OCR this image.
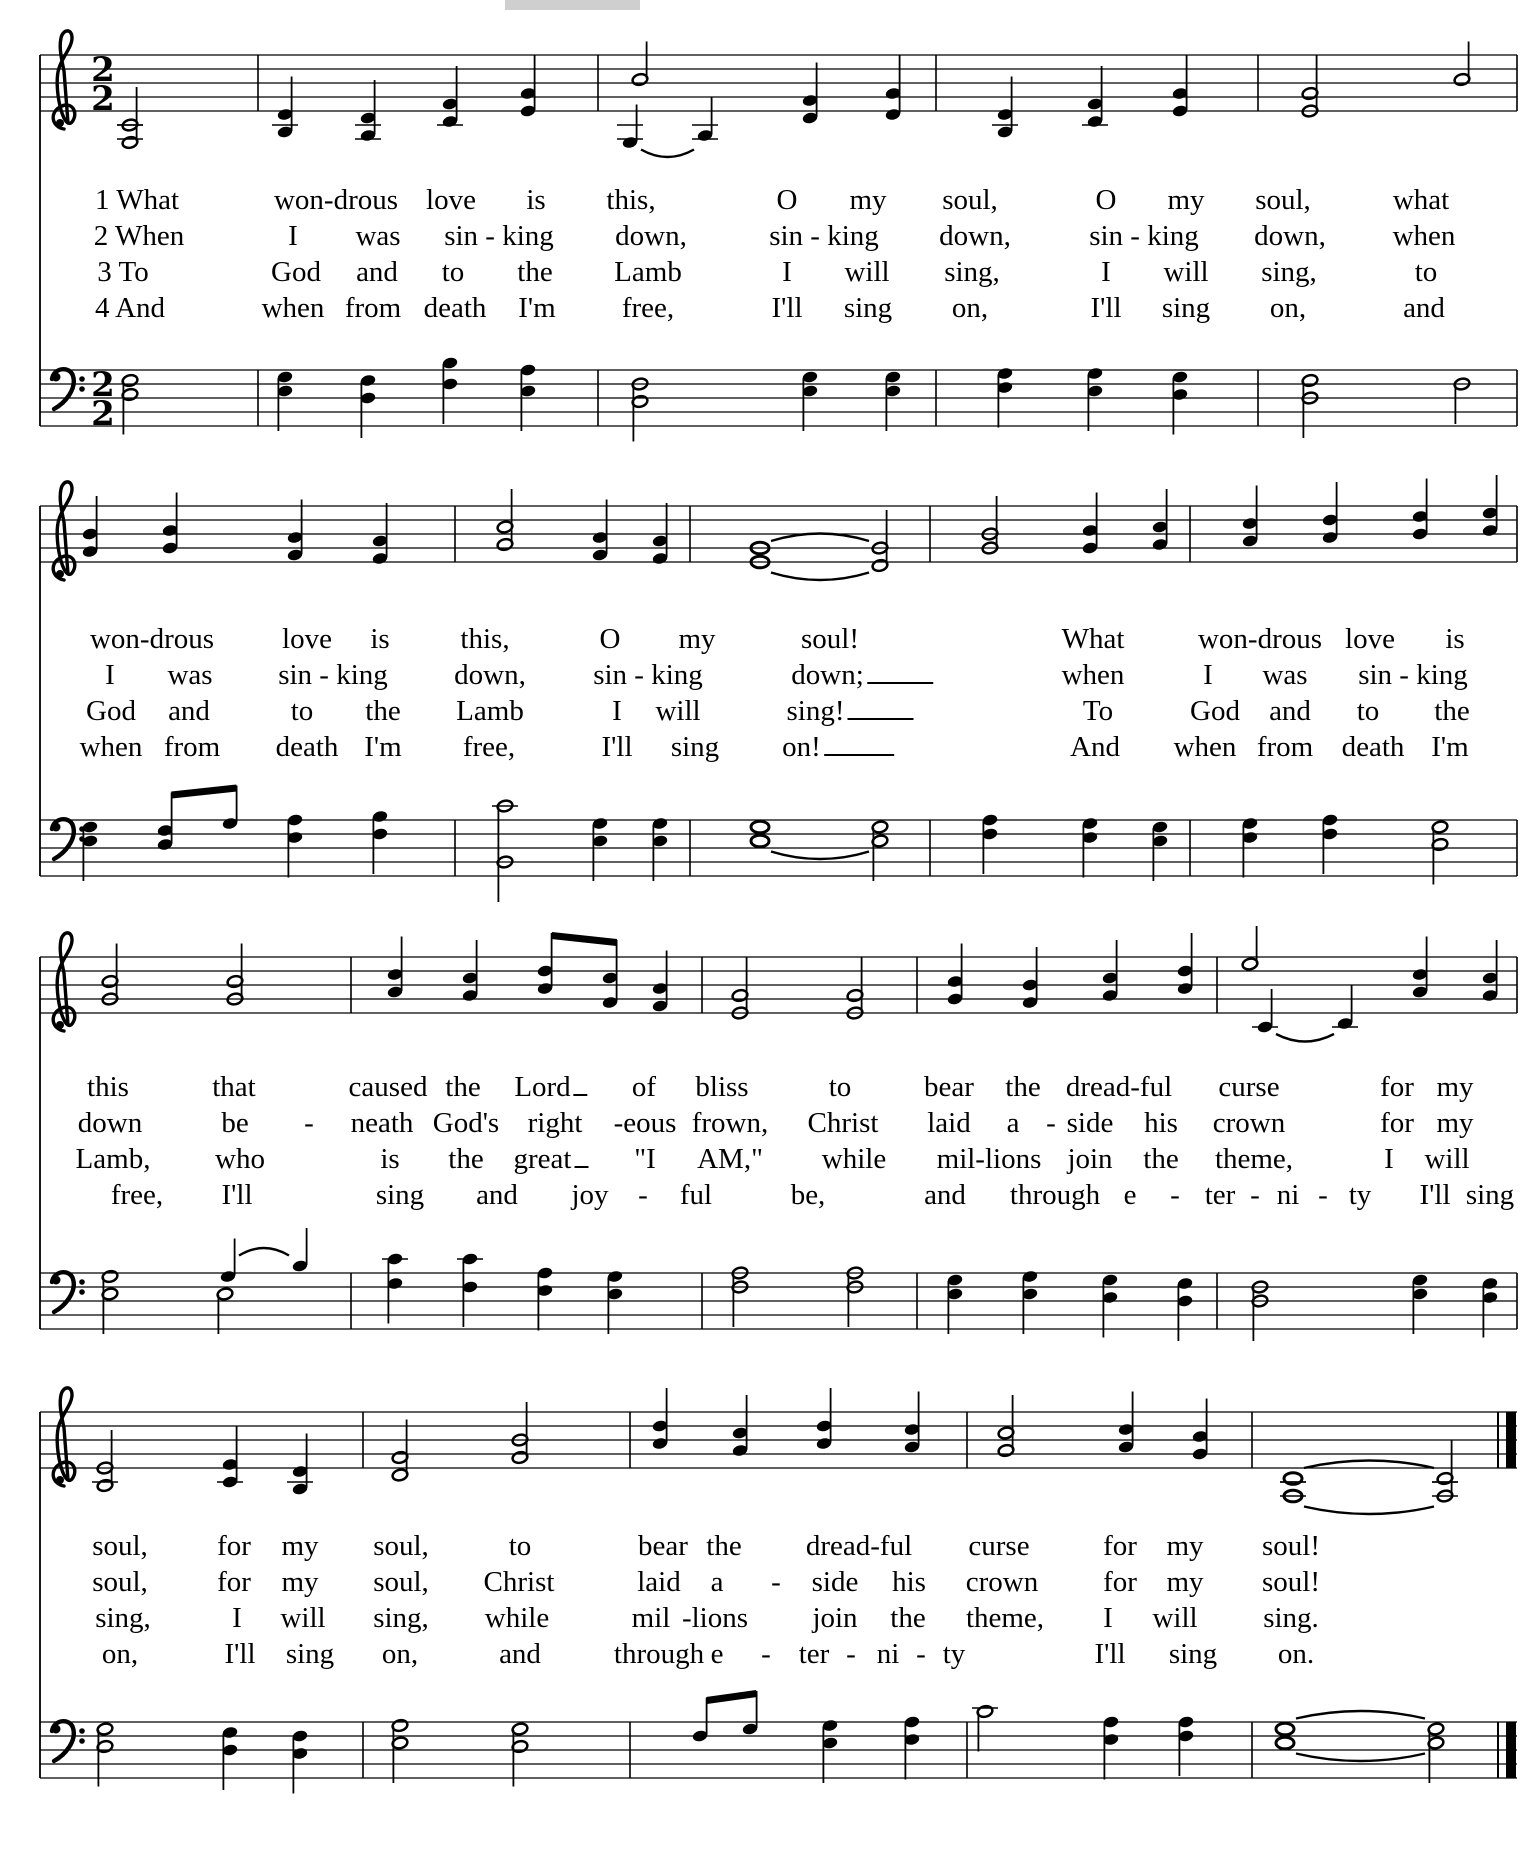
2
2
2
2
1 What	won-drous love is this,	O my soul,	O my soul,	what
2 When	I was sin - king down,	sin - king down,	sin - king down, when
3 To	God and to the Lamb	I will sing,	I will sing,	to
4 And	when from death I'm free,	I'll sing on,	I'll sing on,	and
won-drous love is this,	O my	soul!	What	won-drous love is
I was sin - king down, sin - king	down;	when	I was sin - king
God and	to the Lamb	I will	sing!	To	God and to the
when from death I'm free,	I'll sing on!	And when from death I'm
this	that	caused the Lord	of bliss	to	bear the dread-ful curse	for my
down	be - neath God's right -eous frown, Christ laid a - side his crown	for my
Lamb, who	is the great	"I AM," while mil-lions join the theme,	I will
free, I'll	sing and joy - ful	be,	and through e - ter - ni - ty I'll sing
soul, for my soul,	to	bear the dread-ful curse	for my soul!
soul, for my soul, Christ	laid a - side his crown for my soul!
sing,	I will sing, while	mil -lions join the theme, I will sing.
on,	I'll sing on,	and	through e - ter - ni - ty	I'll sing on.
